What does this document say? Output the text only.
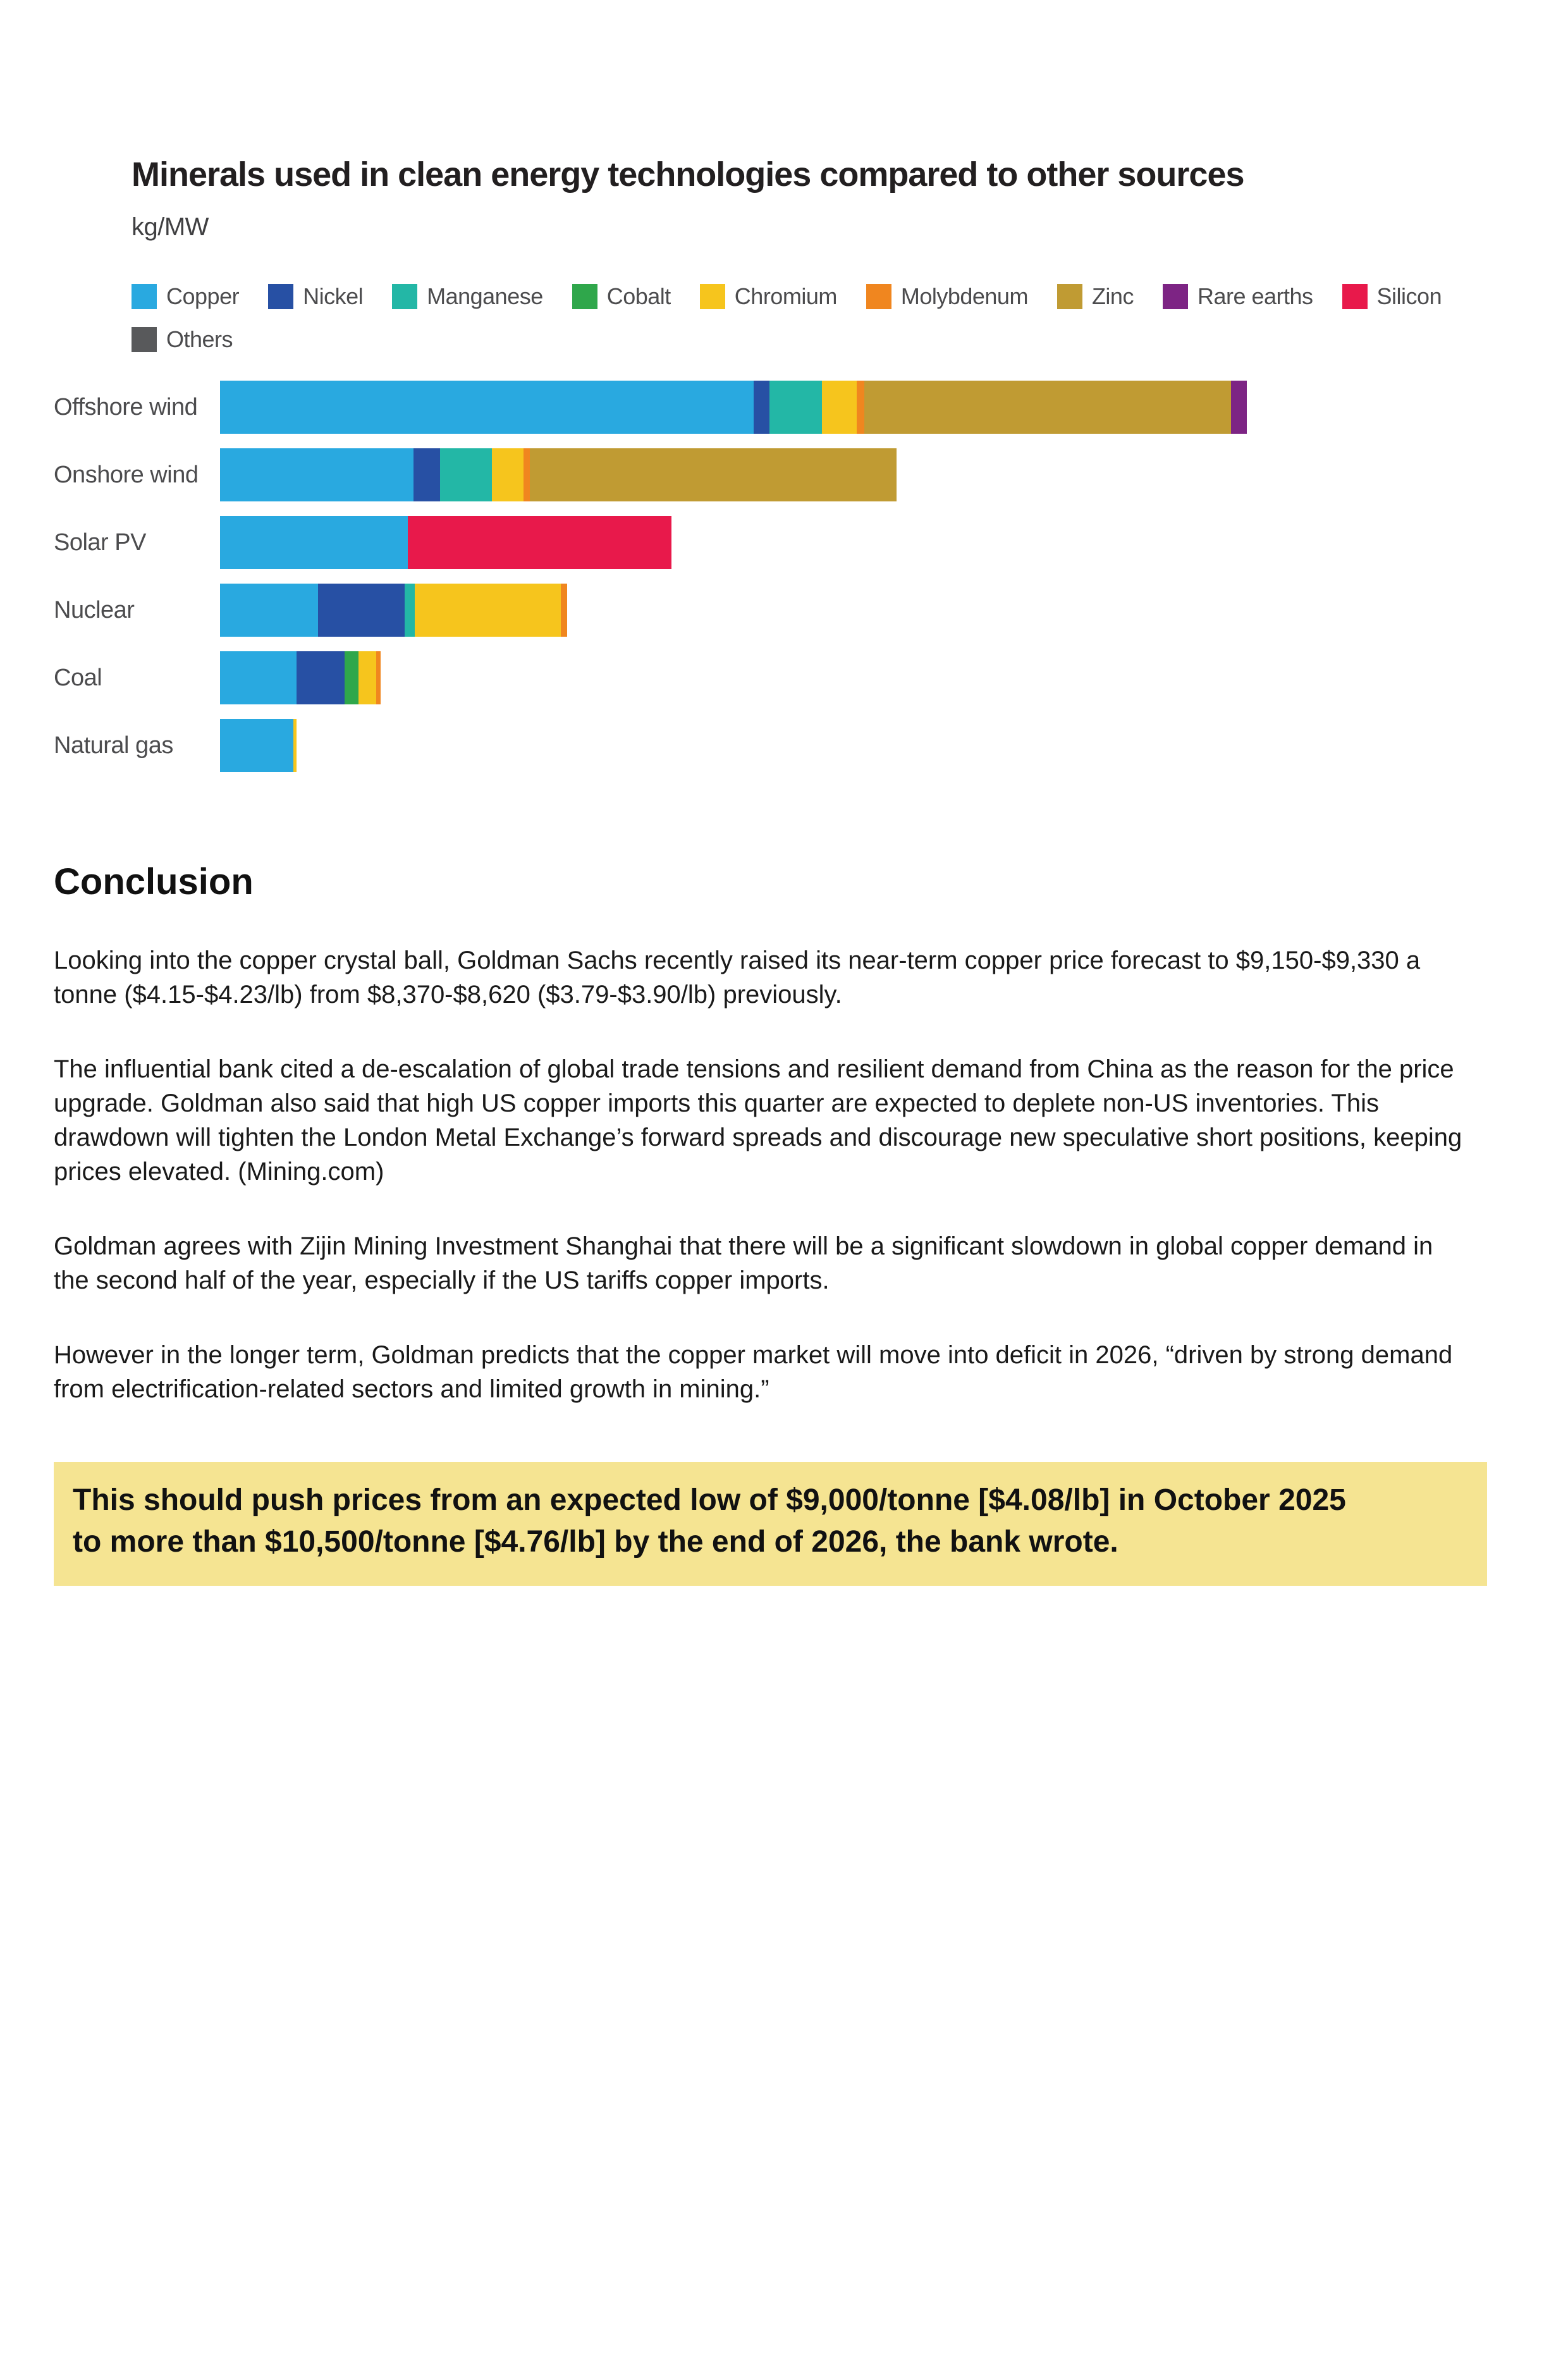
Minerals used in clean energy technologies compared to other sources
kg/MW
Copper	Nickel	Manganese	Cobalt	Chromium	Molybdenum	Zinc	Rare earths	Silicon
Others
Offshore wind
Onshore wind
Solar PV
Nuclear
Coal
Natural gas
Conclusion

Looking into the copper crystal ball, Goldman Sachs recently raised its near-term copper price forecast to $9,150-$9,330 a tonne ($4.15-$4.23/lb) from $8,370-$8,620 ($3.79-$3.90/lb) previously.

The influential bank cited a de-escalation of global trade tensions and resilient demand from China as the reason for the price upgrade. Goldman also said that high US copper imports this quarter are expected to deplete non-US inventories. This drawdown will tighten the London Metal Exchange’s forward spreads and discourage new speculative short positions, keeping prices elevated. (Mining.com)

Goldman agrees with Zijin Mining Investment Shanghai that there will be a significant slowdown in global copper demand in the second half of the year, especially if the US tariffs copper imports.

However in the longer term, Goldman predicts that the copper market will move into deficit in 2026, “driven by strong demand from electrification-related sectors and limited growth in mining.”

This should push prices from an expected low of $9,000/tonne [$4.08/lb] in October 2025 to more than $10,500/tonne [$4.76/lb] by the end of 2026, the bank wrote.
